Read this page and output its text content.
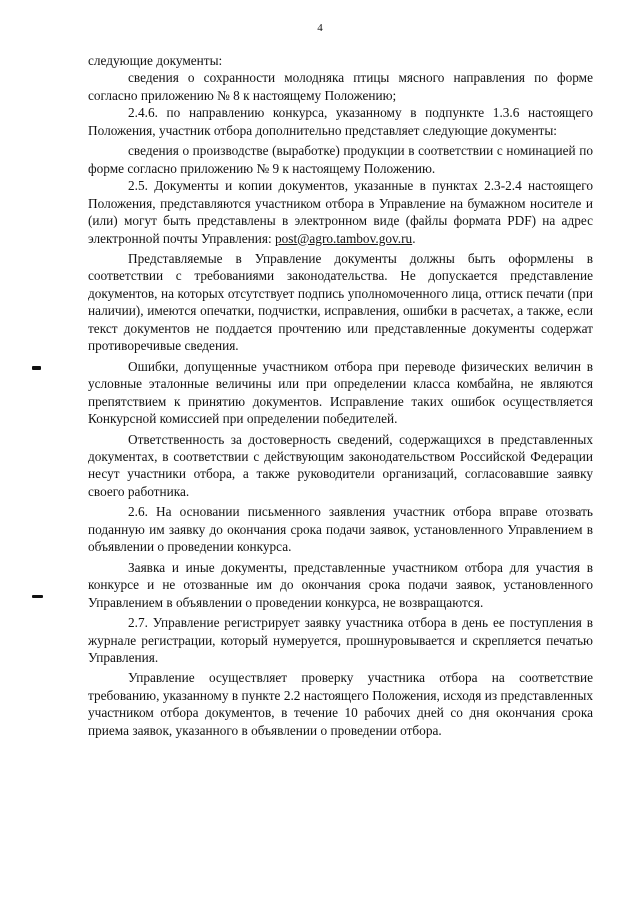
4

следующие документы:

сведения о сохранности молодняка птицы мясного направления по форме согласно приложению № 8 к настоящему Положению;

2.4.6. по направлению конкурса, указанному в подпункте 1.3.6 настоящего Положения, участник отбора дополнительно представляет следующие документы:

сведения о производстве (выработке) продукции в соответствии с номинацией по форме согласно приложению № 9 к настоящему Положению.

2.5. Документы и копии документов, указанные в пунктах 2.3-2.4 настоящего Положения, представляются участником отбора в Управление на бумажном носителе и (или) могут быть представлены в электронном виде (файлы формата PDF) на адрес электронной почты Управления: post@agro.tambov.gov.ru.

Представляемые в Управление документы должны быть оформлены в соответствии с требованиями законодательства. Не допускается представление документов, на которых отсутствует подпись уполномоченного лица, оттиск печати (при наличии), имеются опечатки, подчистки, исправления, ошибки в расчетах, а также, если текст документов не поддается прочтению или представленные документы содержат противоречивые сведения.

Ошибки, допущенные участником отбора при переводе физических величин в условные эталонные величины или при определении класса комбайна, не являются препятствием к принятию документов. Исправление таких ошибок осуществляется Конкурсной комиссией при определении победителей.

Ответственность за достоверность сведений, содержащихся в представленных документах, в соответствии с действующим законодательством Российской Федерации несут участники отбора, а также руководители организаций, согласовавшие заявку своего работника.

2.6. На основании письменного заявления участник отбора вправе отозвать поданную им заявку до окончания срока подачи заявок, установленного Управлением в объявлении о проведении конкурса.

Заявка и иные документы, представленные участником отбора для участия в конкурсе и не отозванные им до окончания срока подачи заявок, установленного Управлением в объявлении о проведении конкурса, не возвращаются.

2.7. Управление регистрирует заявку участника отбора в день ее поступления в журнале регистрации, который нумеруется, прошнуровывается и скрепляется печатью Управления.

Управление осуществляет проверку участника отбора на соответствие требованию, указанному в пункте 2.2 настоящего Положения, исходя из представленных участником отбора документов, в течение 10 рабочих дней со дня окончания срока приема заявок, указанного в объявлении о проведении отбора.
